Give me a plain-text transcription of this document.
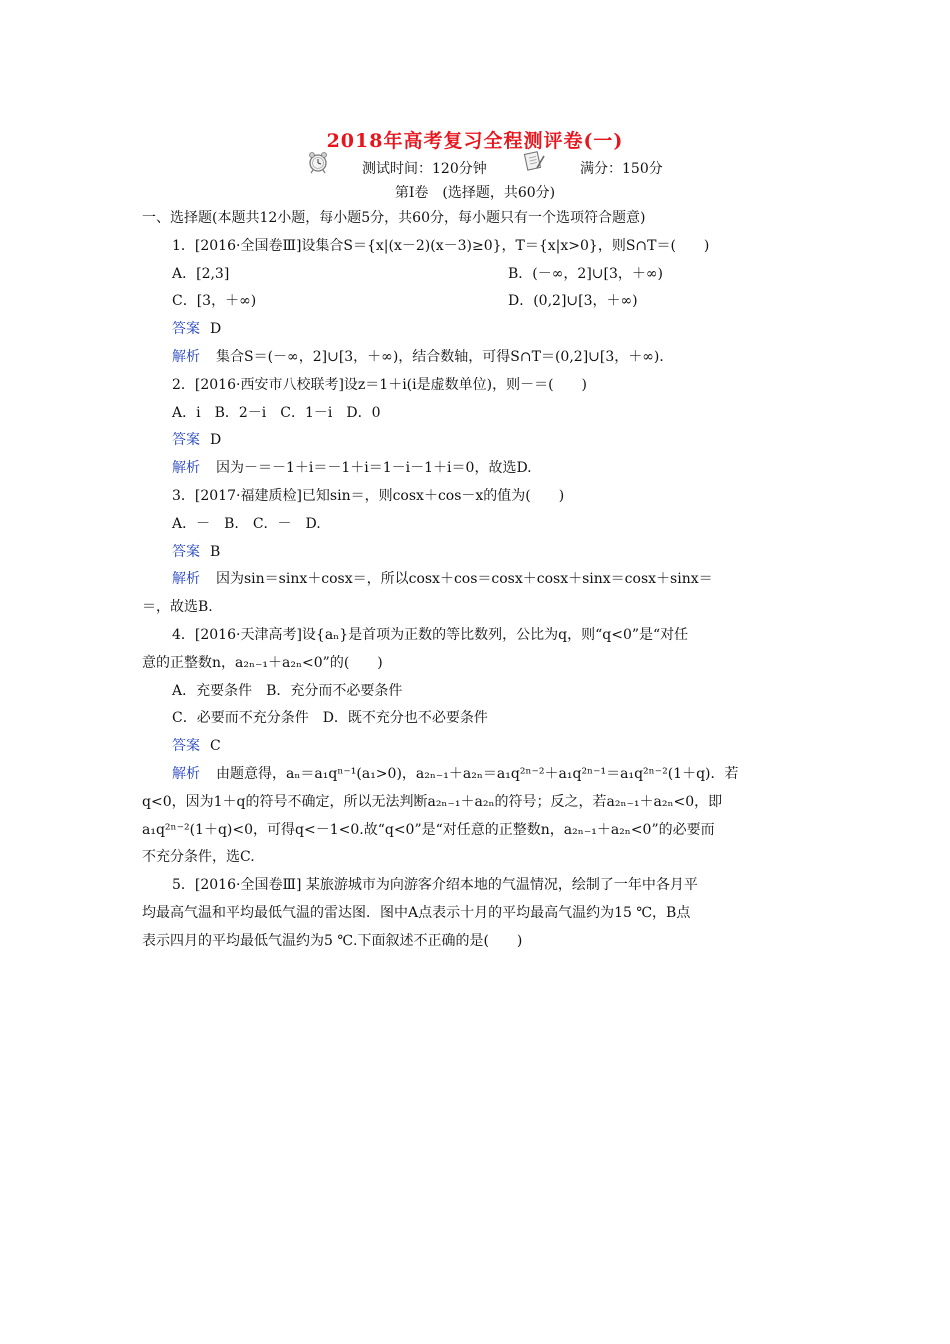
2018年高考复习全程测评卷(一)
测试时间：120分钟	满分：150分
第Ⅰ卷　(选择题，共60分)
一、选择题(本题共12小题，每小题5分，共60分，每小题只有一个选项符合题意)
1．[2016·全国卷Ⅲ]设集合S＝{x|(x－2)(x－3)≥0}，T＝{x|x>0}，则S∩T＝(　　)
A．[2,3]	B．(－∞，2]∪[3，＋∞)
C．[3，＋∞)	D．(0,2]∪[3，＋∞)
答案 D
解析 集合S＝(－∞，2]∪[3，＋∞)，结合数轴，可得S∩T＝(0,2]∪[3，＋∞)．
2．[2016·西安市八校联考]设z＝1＋i(i是虚数单位)，则－＝(　　)
A．i　B．2－i　C．1－i　D．0
答案 D
解析 因为－＝－1＋i＝－1＋i＝1－i－1＋i＝0，故选D.
3．[2017·福建质检]已知sin＝，则cosx＋cos－x的值为(　　)
A．－　B.　C．－　D.
答案 B
解析 因为sin＝sinx＋cosx＝，所以cosx＋cos＝cosx＋cosx＋sinx＝cosx＋sinx＝
＝，故选B.
4．[2016·天津高考]设{aₙ}是首项为正数的等比数列，公比为q，则“q<0”是“对任
意的正整数n，a₂ₙ₋₁＋a₂ₙ<0”的(　　)
A．充要条件　B．充分而不必要条件
C．必要而不充分条件　D．既不充分也不必要条件
答案 C
解析 由题意得，aₙ＝a₁qⁿ⁻¹(a₁>0)，a₂ₙ₋₁＋a₂ₙ＝a₁q²ⁿ⁻²＋a₁q²ⁿ⁻¹＝a₁q²ⁿ⁻²(1＋q)．若
q<0，因为1＋q的符号不确定，所以无法判断a₂ₙ₋₁＋a₂ₙ的符号；反之，若a₂ₙ₋₁＋a₂ₙ<0，即
a₁q²ⁿ⁻²(1＋q)<0，可得q<－1<0.故“q<0”是“对任意的正整数n，a₂ₙ₋₁＋a₂ₙ<0”的必要而
不充分条件，选C.
5．[2016·全国卷Ⅲ] 某旅游城市为向游客介绍本地的气温情况，绘制了一年中各月平
均最高气温和平均最低气温的雷达图．图中A点表示十月的平均最高气温约为15 ℃，B点
表示四月的平均最低气温约为5 ℃.下面叙述不正确的是(　　)
